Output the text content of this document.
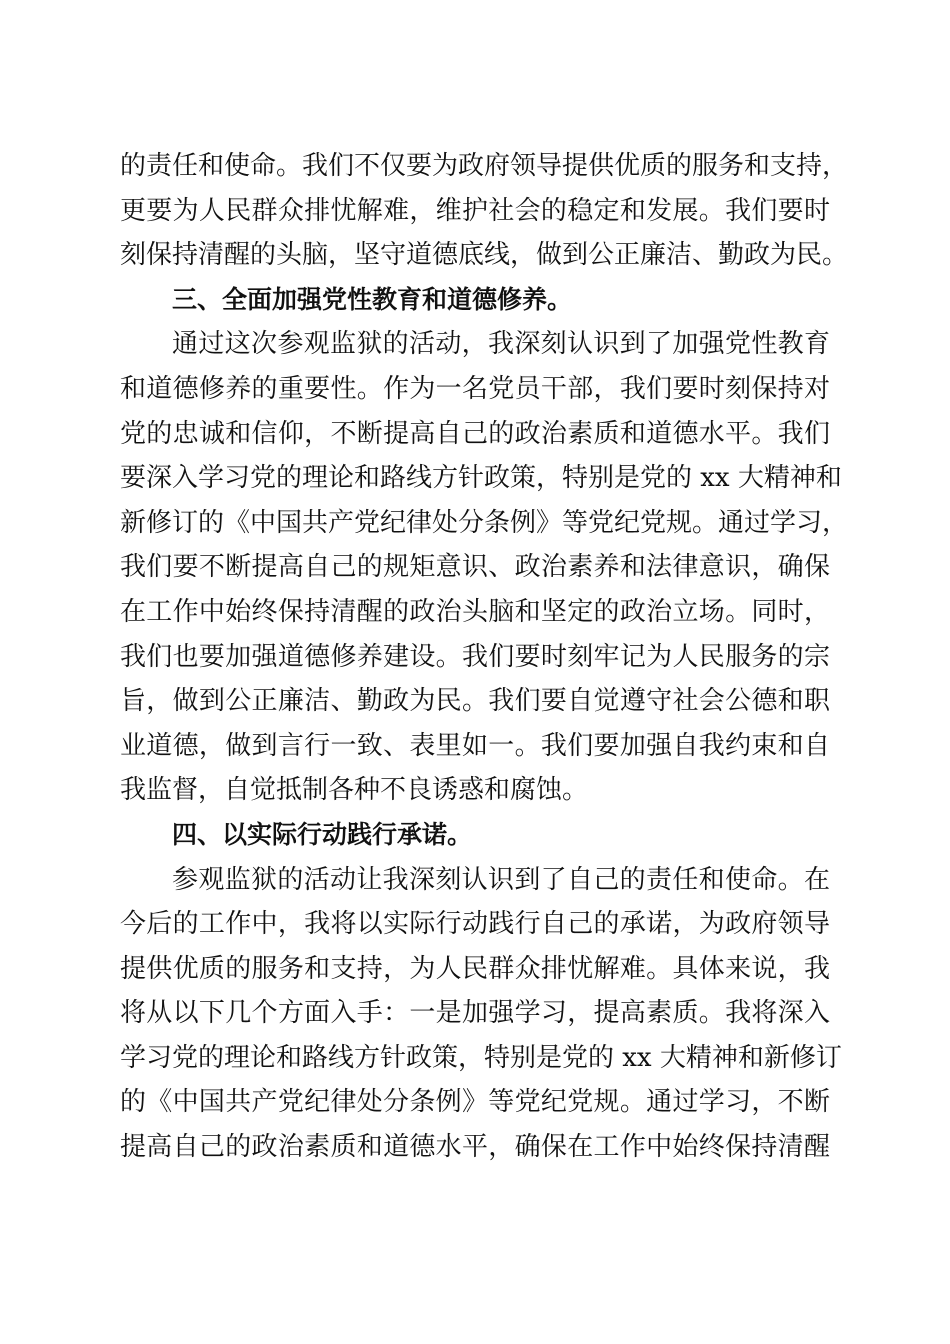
的责任和使命。我们不仅要为政府领导提供优质的服务和支持，
更要为人民群众排忧解难，维护社会的稳定和发展。我们要时
刻保持清醒的头脑，坚守道德底线，做到公正廉洁、勤政为民。
三、全面加强党性教育和道德修养。
通过这次参观监狱的活动，我深刻认识到了加强党性教育
和道德修养的重要性。作为一名党员干部，我们要时刻保持对
党的忠诚和信仰，不断提高自己的政治素质和道德水平。我们
要深入学习党的理论和路线方针政策，特别是党的 xx 大精神和
新修订的《中国共产党纪律处分条例》等党纪党规。通过学习，
我们要不断提高自己的规矩意识、政治素养和法律意识，确保
在工作中始终保持清醒的政治头脑和坚定的政治立场。同时，
我们也要加强道德修养建设。我们要时刻牢记为人民服务的宗
旨，做到公正廉洁、勤政为民。我们要自觉遵守社会公德和职
业道德，做到言行一致、表里如一。我们要加强自我约束和自
我监督，自觉抵制各种不良诱惑和腐蚀。
四、以实际行动践行承诺。
参观监狱的活动让我深刻认识到了自己的责任和使命。在
今后的工作中，我将以实际行动践行自己的承诺，为政府领导
提供优质的服务和支持，为人民群众排忧解难。具体来说，我
将从以下几个方面入手：一是加强学习，提高素质。我将深入
学习党的理论和路线方针政策，特别是党的 xx 大精神和新修订
的《中国共产党纪律处分条例》等党纪党规。通过学习，不断
提高自己的政治素质和道德水平，确保在工作中始终保持清醒
